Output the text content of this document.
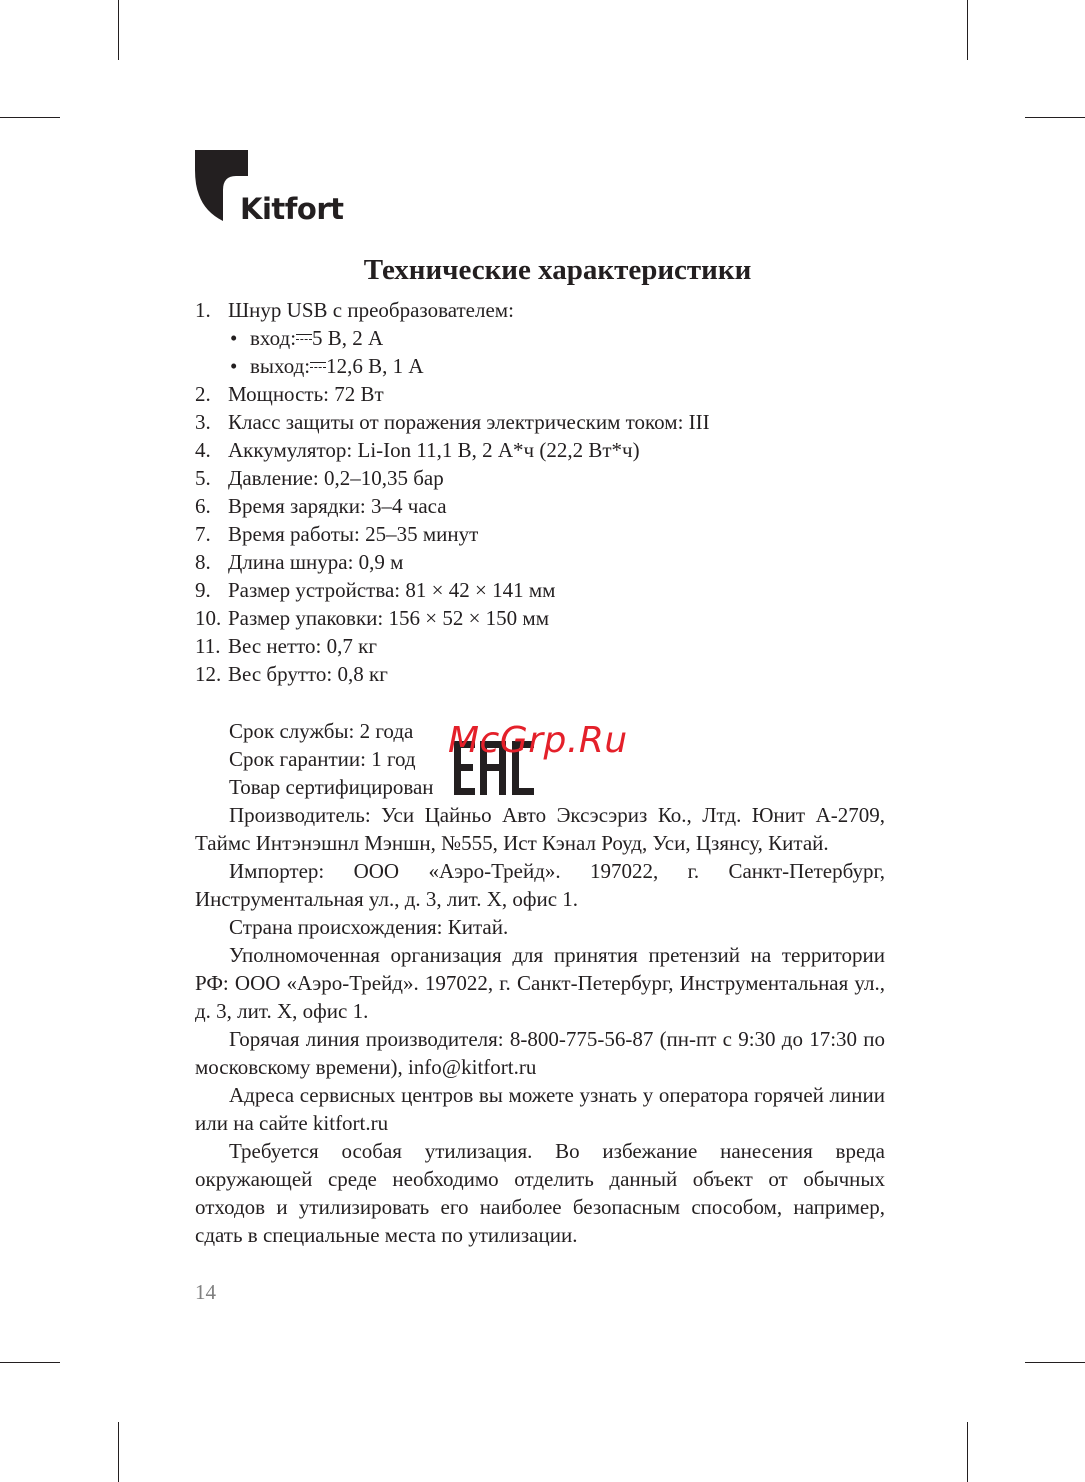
Kitfort
Технические характеристики
1. Шнур USB с преобразователем:
• вход: 5 В, 2 А
• выход: 12,6 В, 1 А
2. Мощность: 72 Вт
3. Класс защиты от поражения электрическим током: III
4. Аккумулятор: Li-Ion 11,1 В, 2 А*ч (22,2 Вт*ч)
5. Давление: 0,2–10,35 бар
6. Время зарядки: 3–4 часа
7. Время работы: 25–35 минут
8. Длина шнура: 0,9 м
9. Размер устройства: 81 × 42 × 141 мм
10. Размер упаковки: 156 × 52 × 150 мм
11. Вес нетто: 0,7 кг
12. Вес брутто: 0,8 кг
Срок службы: 2 года
Срок гарантии: 1 год
Товар сертифицирован
McGrp.Ru

Производитель: Уси Цайньо Авто Эксэсэриз Ко., Лтд. Юнит А-2709, Таймс Интэнэшнл Мэншн, №555, Ист Кэнал Роуд, Уси, Цзянсу, Китай.

Импортер: ООО «Аэро-Трейд». 197022, г. Санкт-Петербург, Инструментальная ул., д. 3, лит. Х, офис 1.

Страна происхождения: Китай.

Уполномоченная организация для принятия претензий на территории РФ: ООО «Аэро-Трейд». 197022, г. Санкт-Петербург, Инструментальная ул., д. 3, лит. Х, офис 1.

Горячая линия производителя: 8-800-775-56-87 (пн-пт с 9:30 до 17:30 по московскому времени), info@kitfort.ru

Адреса сервисных центров вы можете узнать у оператора горячей линии или на сайте kitfort.ru

Требуется особая утилизация. Во избежание нанесения вреда окружающей среде необходимо отделить данный объект от обычных отходов и утилизировать его наиболее безопасным способом, например, сдать в специальные места по утилизации.

14
